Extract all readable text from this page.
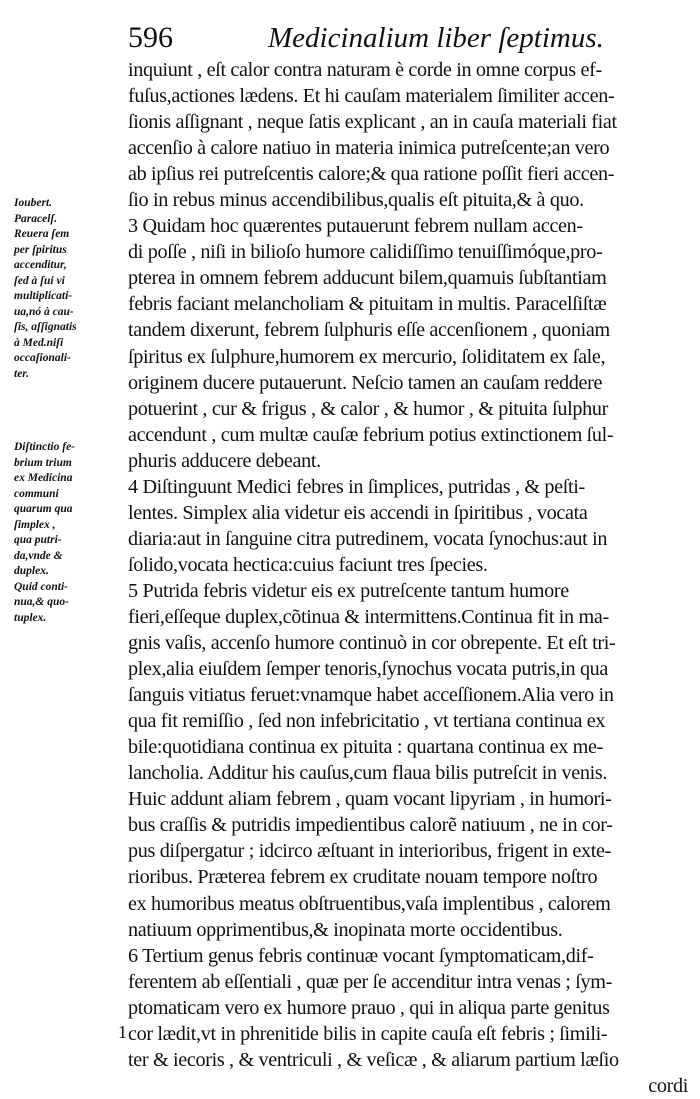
596	Medicinalium liber ſeptimus.
Ioubert.
Paracelſ.
Reuera ſem
per ſpiritus
accenditur,
ſed à ſui vi
multiplicati-
ua,nó à cau-
ſis, aſſignatis
à Med.niſi
occaſionali-
ter.
Diſtinctio fe-
brium trium
ex Medicina
communi
quarum qua
ſimplex ,
qua putri-
da,vnde &
duplex.
Quid conti-
nua,& quo-
tuplex.
inquiunt , eſt calor contra naturam è corde in omne corpus ef-
fuſus,actiones lædens. Et hi cauſam materialem ſimiliter accen-
ſionis aſſignant , neque ſatis explicant , an in cauſa materiali fiat
accenſio à calore natiuo in materia inimica putreſcente;an vero
ab ipſius rei putreſcentis calore;& qua ratione poſſit fieri accen-
ſio in rebus minus accendibilibus,qualis eſt pituita,& à quo.
3 Quidam hoc quærentes putauerunt febrem nullam accen-
di poſſe , niſi in bilioſo humore calidiſſimo tenuiſſimóque,pro-
pterea in omnem febrem adducunt bilem,quamuis ſubſtantiam
febris faciant melancholiam & pituitam in multis. Paracelſiſtæ
tandem dixerunt, febrem ſulphuris eſſe accenſionem , quoniam
ſpiritus ex ſulphure,humorem ex mercurio, ſoliditatem ex ſale,
originem ducere putauerunt. Neſcio tamen an cauſam reddere
potuerint , cur & frigus , & calor , & humor , & pituita ſulphur
accendunt , cum multæ cauſæ febrium potius extinctionem ſul-
phuris adducere debeant.
4 Diſtinguunt Medici febres in ſimplices, putridas , & peſti-
lentes. Simplex alia videtur eis accendi in ſpiritibus , vocata
diaria:aut in ſanguine citra putredinem, vocata ſynochus:aut in
ſolido,vocata hectica:cuius faciunt tres ſpecies.
5 Putrida febris videtur eis ex putreſcente tantum humore
fieri,eſſeque duplex,cõtinua & intermittens.Continua fit in ma-
gnis vaſis, accenſo humore continuò in cor obrepente. Et eſt tri-
plex,alia eiuſdem ſemper tenoris,ſynochus vocata putris,in qua
ſanguis vitiatus feruet:vnamque habet acceſſionem.Alia vero in
qua fit remiſſio , ſed non infebricitatio , vt tertiana continua ex
bile:quotidiana continua ex pituita : quartana continua ex me-
lancholia. Additur his cauſus,cum flaua bilis putreſcit in venis.
Huic addunt aliam febrem , quam vocant lipyriam , in humori-
bus craſſis & putridis impedientibus calorẽ natiuum , ne in cor-
pus diſpergatur ; idcirco æſtuant in interioribus, frigent in exte-
rioribus. Præterea febrem ex cruditate nouam tempore noſtro
ex humoribus meatus obſtruentibus,vaſa implentibus , calorem
natiuum opprimentibus,& inopinata morte occidentibus.
6 Tertium genus febris continuæ vocant ſymptomaticam,dif-
ferentem ab eſſentiali , quæ per ſe accenditur intra venas ; ſym-
ptomaticam vero ex humore prauo , qui in aliqua parte genitus
cor lædit,vt in phrenitide bilis in capite cauſa eſt febris ; ſimili-
ter & iecoris , & ventriculi , & veſicæ , & aliarum partium læſio
cordi
1
